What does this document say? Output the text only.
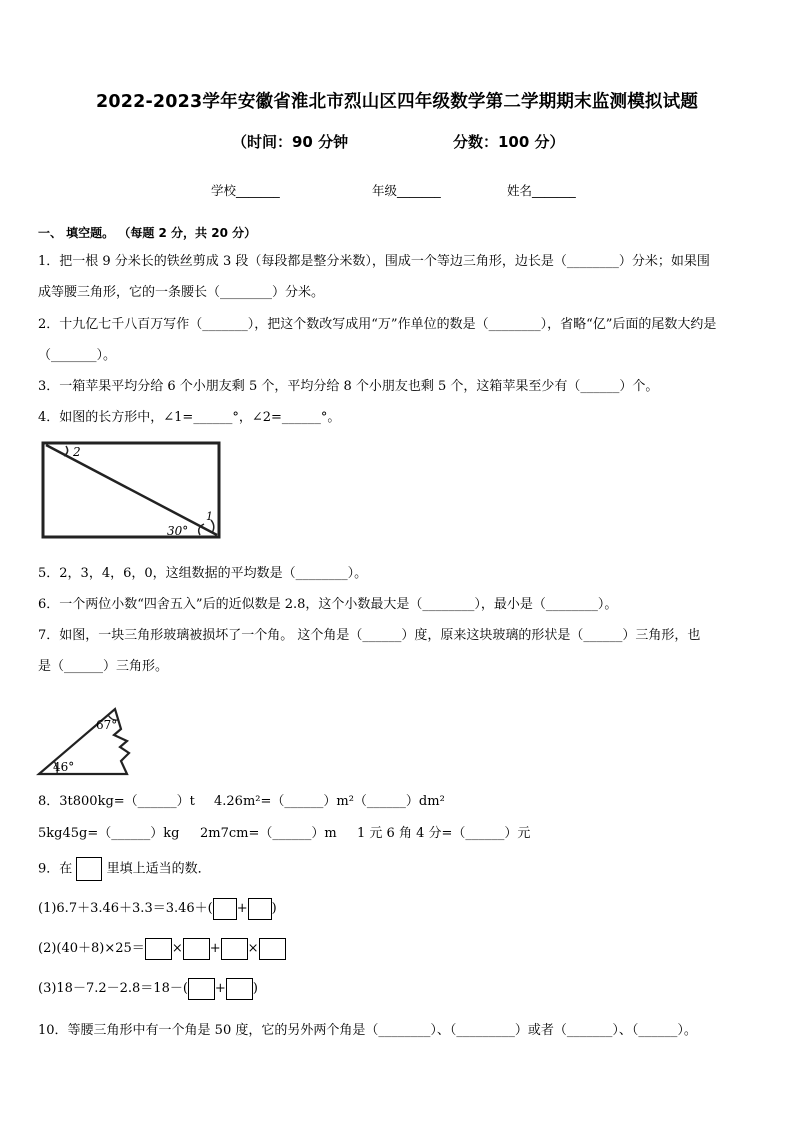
2022-2023学年安徽省淮北市烈山区四年级数学第二学期期末监测模拟试题
（时间：90 分钟	分数：100 分）
学校_______	年级_______	姓名_______
一、 填空题。 （每题 2 分，共 20 分）
1．把一根 9 分米长的铁丝剪成 3 段（每段都是整分米数），围成一个等边三角形，边长是（________）分米；如果围
成等腰三角形，它的一条腰长（________）分米。
2．十九亿七千八百万写作（_______），把这个数改写成用“万”作单位的数是（________），省略“亿”后面的尾数大约是
（_______）。
3．一箱苹果平均分给 6 个小朋友剩 5 个，平均分给 8 个小朋友也剩 5 个，这箱苹果至少有（______）个。
4．如图的长方形中，∠1=______°，∠2=______°。
2
30°
1
5．2，3，4，6，0，这组数据的平均数是（________）。
6．一个两位小数“四舍五入”后的近似数是 2.8，这个小数最大是（________），最小是（________）。
7．如图，一块三角形玻璃被损坏了一个角。 这个角是（______）度，原来这块玻璃的形状是（______）三角形，也
是（______）三角形。
67°
46°
8．3t800kg=（______）t 4.26m²=（______）m²（______）dm²
5kg45g=（______）kg 2m7cm=（______）m 1 元 6 角 4 分=（______）元
9．在	里填上适当的数．
(1)6.7＋3.46＋3.3＝3.46＋( + )
(2)(40＋8)×25＝ × + ×
(3)18－7.2－2.8＝18－( + )
10．等腰三角形中有一个角是 50 度，它的另外两个角是（________）、（_________）或者（_______）、（______）。
